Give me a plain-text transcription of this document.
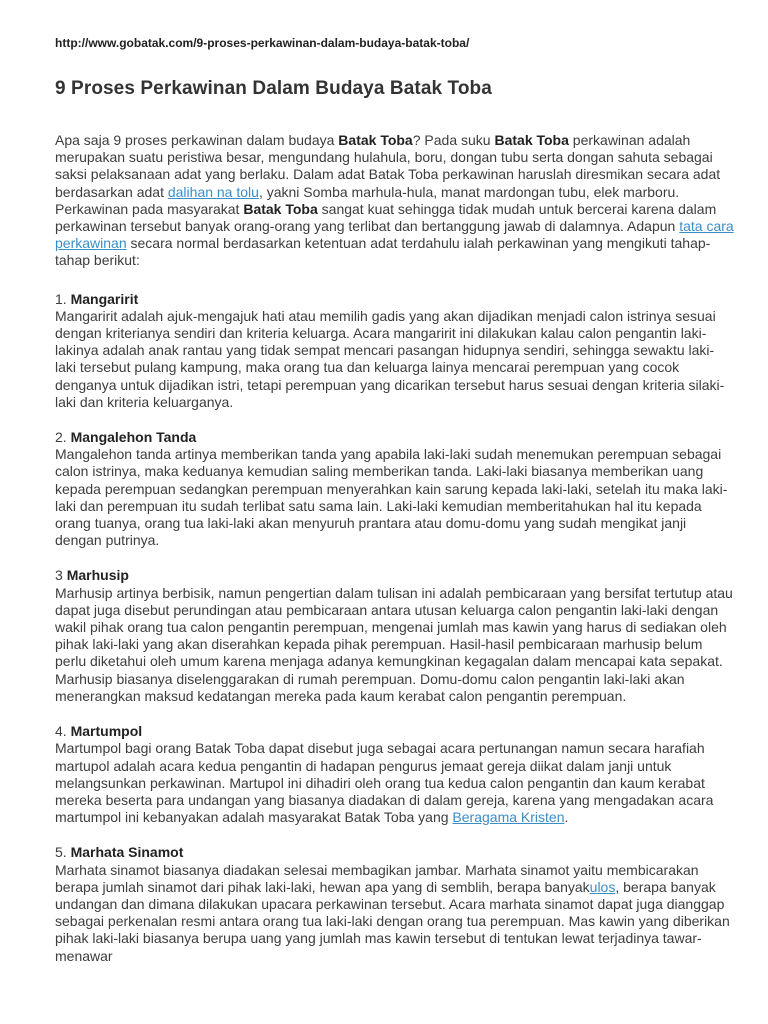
http://www.gobatak.com/9-proses-perkawinan-dalam-budaya-batak-toba/
9 Proses Perkawinan Dalam Budaya Batak Toba

Apa saja 9 proses perkawinan dalam budaya Batak Toba? Pada suku Batak Toba perkawinan adalah merupakan suatu peristiwa besar, mengundang hulahula, boru, dongan tubu serta dongan sahuta sebagai saksi pelaksanaan adat yang berlaku. Dalam adat Batak Toba perkawinan haruslah diresmikan secara adat berdasarkan adat dalihan na tolu, yakni Somba marhula-hula, manat mardongan tubu, elek marboru. Perkawinan pada masyarakat Batak Toba sangat kuat sehingga tidak mudah untuk bercerai karena dalam perkawinan tersebut banyak orang-orang yang terlibat dan bertanggung jawab di dalamnya. Adapun tata cara perkawinan secara normal berdasarkan ketentuan adat terdahulu ialah perkawinan yang mengikuti tahap-tahap berikut:

1. Mangaririt

Mangaririt adalah ajuk-mengajuk hati atau memilih gadis yang akan dijadikan menjadi calon istrinya sesuai dengan kriterianya sendiri dan kriteria keluarga. Acara mangaririt ini dilakukan kalau calon pengantin laki-lakinya adalah anak rantau yang tidak sempat mencari pasangan hidupnya sendiri, sehingga sewaktu laki-laki tersebut pulang kampung, maka orang tua dan keluarga lainya mencarai perempuan yang cocok denganya untuk dijadikan istri, tetapi perempuan yang dicarikan tersebut harus sesuai dengan kriteria silaki-laki dan kriteria keluarganya.

2. Mangalehon Tanda

Mangalehon tanda artinya memberikan tanda yang apabila laki-laki sudah menemukan perempuan sebagai calon istrinya, maka keduanya kemudian saling memberikan tanda. Laki-laki biasanya memberikan uang kepada perempuan sedangkan perempuan menyerahkan kain sarung kepada laki-laki, setelah itu maka laki-laki dan perempuan itu sudah terlibat satu sama lain. Laki-laki kemudian memberitahukan hal itu kepada orang tuanya, orang tua laki-laki akan menyuruh prantara atau domu-domu yang sudah mengikat janji dengan putrinya.

3 Marhusip

Marhusip artinya berbisik, namun pengertian dalam tulisan ini adalah pembicaraan yang bersifat tertutup atau dapat juga disebut perundingan atau pembicaraan antara utusan keluarga calon pengantin laki-laki dengan wakil pihak orang tua calon pengantin perempuan, mengenai jumlah mas kawin yang harus di sediakan oleh pihak laki-laki yang akan diserahkan kepada pihak perempuan. Hasil-hasil pembicaraan marhusip belum perlu diketahui oleh umum karena menjaga adanya kemungkinan kegagalan dalam mencapai kata sepakat. Marhusip biasanya diselenggarakan di rumah perempuan. Domu-domu calon pengantin laki-laki akan menerangkan maksud kedatangan mereka pada kaum kerabat calon pengantin perempuan.

4. Martumpol

Martumpol bagi orang Batak Toba dapat disebut juga sebagai acara pertunangan namun secara harafiah martupol adalah acara kedua pengantin di hadapan pengurus jemaat gereja diikat dalam janji untuk melangsunkan perkawinan. Martupol ini dihadiri oleh orang tua kedua calon pengantin dan kaum kerabat mereka beserta para undangan yang biasanya diadakan di dalam gereja, karena yang mengadakan acara martumpol ini kebanyakan adalah masyarakat Batak Toba yang Beragama Kristen.

5. Marhata Sinamot

Marhata sinamot biasanya diadakan selesai membagikan jambar. Marhata sinamot yaitu membicarakan berapa jumlah sinamot dari pihak laki-laki, hewan apa yang di semblih, berapa banyakulos, berapa banyak undangan dan dimana dilakukan upacara perkawinan tersebut. Acara marhata sinamot dapat juga dianggap sebagai perkenalan resmi antara orang tua laki-laki dengan orang tua perempuan. Mas kawin yang diberikan pihak laki-laki biasanya berupa uang yang jumlah mas kawin tersebut di tentukan lewat terjadinya tawar-menawar
